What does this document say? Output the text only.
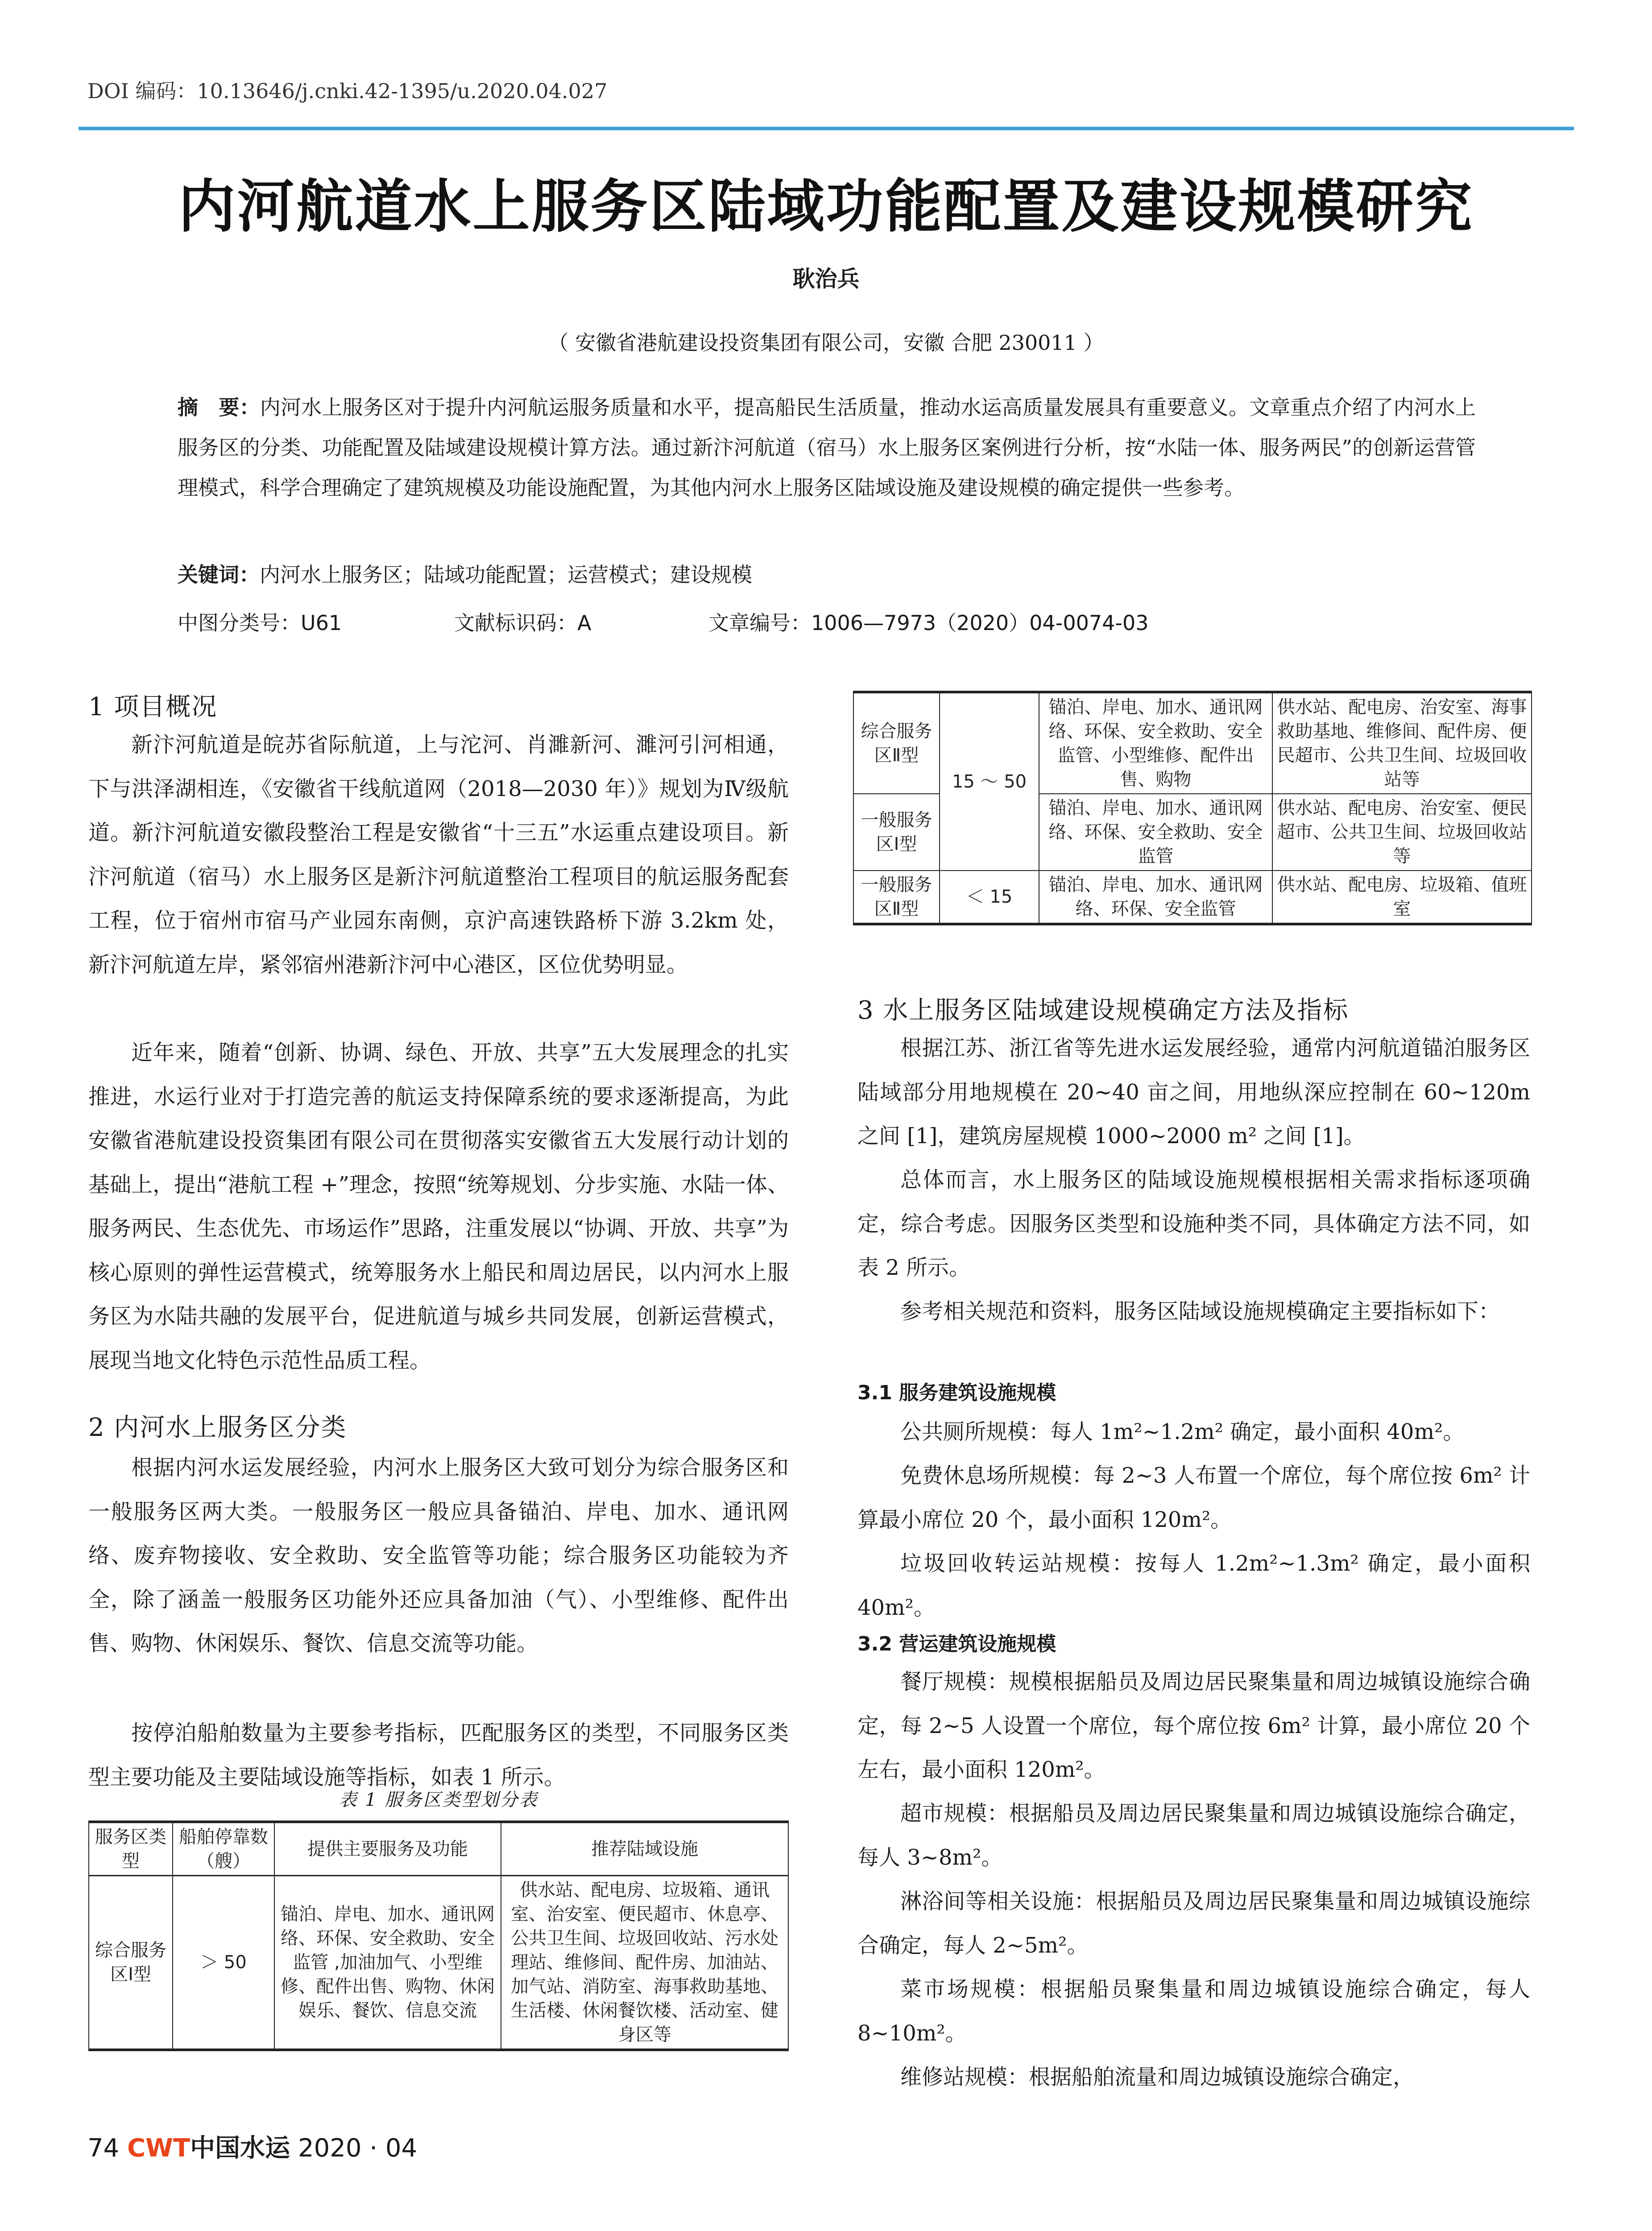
DOI 编码：10.13646/j.cnki.42-1395/u.2020.04.027
内河航道水上服务区陆域功能配置及建设规模研究
耿治兵
（ 安徽省港航建设投资集团有限公司，安徽 合肥 230011 ）
摘　要：内河水上服务区对于提升内河航运服务质量和水平，提高船民生活质量，推动水运高质量发展具有重要意义。文章重点介绍了内河水上服务区的分类、功能配置及陆域建设规模计算方法。通过新汴河航道（宿马）水上服务区案例进行分析，按“水陆一体、服务两民”的创新运营管理模式，科学合理确定了建筑规模及功能设施配置，为其他内河水上服务区陆域设施及建设规模的确定提供一些参考。
关键词：内河水上服务区；陆域功能配置；运营模式；建设规模
中图分类号：U61	文献标识码：A	文章编号：1006—7973（2020）04-0074-03
1 项目概况
新汴河航道是皖苏省际航道，上与沱河、肖濉新河、濉河引河相通，下与洪泽湖相连，《安徽省干线航道网（2018—2030 年）》规划为Ⅳ级航道。新汴河航道安徽段整治工程是安徽省“十三五”水运重点建设项目。新汴河航道（宿马）水上服务区是新汴河航道整治工程项目的航运服务配套工程，位于宿州市宿马产业园东南侧，京沪高速铁路桥下游 3.2km 处，新汴河航道左岸，紧邻宿州港新汴河中心港区，区位优势明显。
近年来，随着“创新、协调、绿色、开放、共享”五大发展理念的扎实推进，水运行业对于打造完善的航运支持保障系统的要求逐渐提高，为此安徽省港航建设投资集团有限公司在贯彻落实安徽省五大发展行动计划的基础上，提出“港航工程 +”理念，按照“统筹规划、分步实施、水陆一体、服务两民、生态优先、市场运作”思路，注重发展以“协调、开放、共享”为核心原则的弹性运营模式，统筹服务水上船民和周边居民，以内河水上服务区为水陆共融的发展平台，促进航道与城乡共同发展，创新运营模式，展现当地文化特色示范性品质工程。
2 内河水上服务区分类
根据内河水运发展经验，内河水上服务区大致可划分为综合服务区和一般服务区两大类。一般服务区一般应具备锚泊、岸电、加水、通讯网络、废弃物接收、安全救助、安全监管等功能；综合服务区功能较为齐全，除了涵盖一般服务区功能外还应具备加油（气）、小型维修、配件出售、购物、休闲娱乐、餐饮、信息交流等功能。
按停泊船舶数量为主要参考指标，匹配服务区的类型，不同服务区类型主要功能及主要陆域设施等指标，如表 1 所示。
表 1 服务区类型划分表
服务区类型	船舶停靠数（艘）	提供主要服务及功能	推荐陆域设施
综合服务区Ⅰ型	＞ 50	锚泊、岸电、加水、通讯网络、环保、安全救助、安全监管 ,加油加气、小型维修、配件出售、购物、休闲娱乐、餐饮、信息交流	供水站、配电房、垃圾箱、通讯室、治安室、便民超市、休息亭、公共卫生间、垃圾回收站、污水处理站、维修间、配件房、加油站、加气站、消防室、海事救助基地、生活楼、休闲餐饮楼、活动室、健身区等
综合服务区Ⅱ型	15 ～ 50	锚泊、岸电、加水、通讯网络、环保、安全救助、安全监管、小型维修、配件出售、购物	供水站、配电房、治安室、海事救助基地、维修间、配件房、便民超市、公共卫生间、垃圾回收站等
一般服务区Ⅰ型		锚泊、岸电、加水、通讯网络、环保、安全救助、安全监管	供水站、配电房、治安室、便民超市、公共卫生间、垃圾回收站等
一般服务区Ⅱ型	＜ 15	锚泊、岸电、加水、通讯网络、环保、安全监管	供水站、配电房、垃圾箱、值班室
3 水上服务区陆域建设规模确定方法及指标
根据江苏、浙江省等先进水运发展经验，通常内河航道锚泊服务区陆域部分用地规模在 20~40 亩之间，用地纵深应控制在 60~120m 之间 [1]，建筑房屋规模 1000~2000 m² 之间 [1]。
总体而言，水上服务区的陆域设施规模根据相关需求指标逐项确定，综合考虑。因服务区类型和设施种类不同，具体确定方法不同，如表 2 所示。
参考相关规范和资料，服务区陆域设施规模确定主要指标如下：
3.1 服务建筑设施规模
公共厕所规模：每人 1m²~1.2m² 确定，最小面积 40m²。
免费休息场所规模：每 2~3 人布置一个席位，每个席位按 6m² 计算最小席位 20 个，最小面积 120m²。
垃圾回收转运站规模：按每人 1.2m²~1.3m² 确定，最小面积 40m²。
3.2 营运建筑设施规模
餐厅规模：规模根据船员及周边居民聚集量和周边城镇设施综合确定，每 2~5 人设置一个席位，每个席位按 6m² 计算，最小席位 20 个左右，最小面积 120m²。
超市规模：根据船员及周边居民聚集量和周边城镇设施综合确定，每人 3~8m²。
淋浴间等相关设施：根据船员及周边居民聚集量和周边城镇设施综合确定，每人 2~5m²。
菜市场规模：根据船员聚集量和周边城镇设施综合确定，每人 8~10m²。
维修站规模：根据船舶流量和周边城镇设施综合确定，
74 CWT中国水运 2020 · 04
